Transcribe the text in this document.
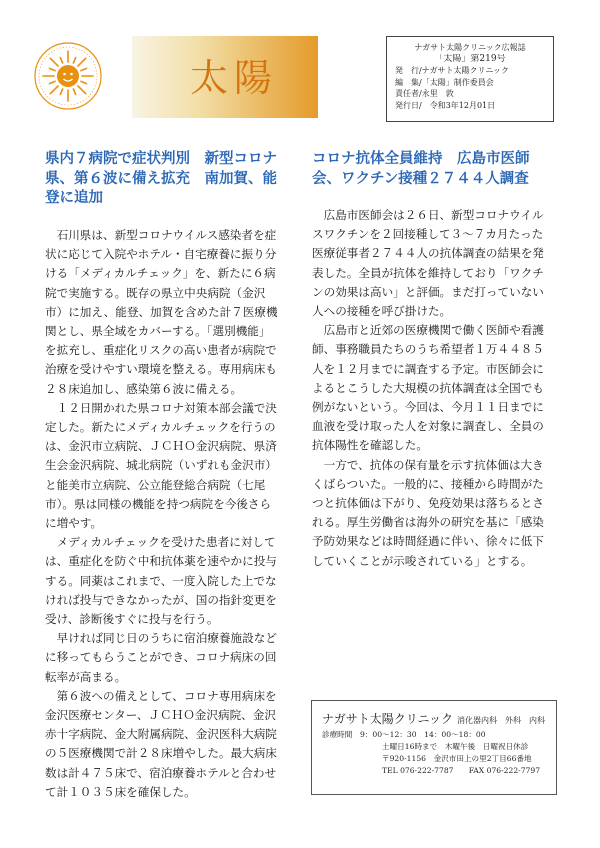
太陽
ナガサト太陽クリニック広報誌
「太陽」第219号
発　行/ナガサト太陽クリニック
編　集/「太陽」制作委員会
責任者/永里　敦
発行日/　令和3年12月01日
県内７病院で症状判別　新型コロナ
県、第６波に備え拡充　南加賀、能
登に追加

石川県は、新型コロナウイルス感染者を症状に応じて入院やホテル・自宅療養に振り分ける「メディカルチェック」を、新たに６病院で実施する。既存の県立中央病院（金沢市）に加え、能登、加賀を含めた計７医療機関とし、県全域をカバーする。「選別機能」を拡充し、重症化リスクの高い患者が病院で治療を受けやすい環境を整える。専用病床も２８床追加し、感染第６波に備える。

１２日開かれた県コロナ対策本部会議で決定した。新たにメディカルチェックを行うのは、金沢市立病院、ＪＣＨＯ金沢病院、県済生会金沢病院、城北病院（いずれも金沢市）と能美市立病院、公立能登総合病院（七尾市）。県は同様の機能を持つ病院を今後さらに増やす。

メディカルチェックを受けた患者に対しては、重症化を防ぐ中和抗体薬を速やかに投与する。同薬はこれまで、一度入院した上でなければ投与できなかったが、国の指針変更を受け、診断後すぐに投与を行う。

早ければ同じ日のうちに宿泊療養施設などに移ってもらうことができ、コロナ病床の回転率が高まる。

第６波への備えとして、コロナ専用病床を金沢医療センター、ＪＣＨＯ金沢病院、金沢赤十字病院、金大附属病院、金沢医科大病院の５医療機関で計２８床増やした。最大病床数は計４７５床で、宿泊療養ホテルと合わせて計１０３５床を確保した。

コロナ抗体全員維持　広島市医師
会、ワクチン接種２７４４人調査

広島市医師会は２６日、新型コロナウイルスワクチンを２回接種して３～７カ月たった医療従事者２７４４人の抗体調査の結果を発表した。全員が抗体を維持しており「ワクチンの効果は高い」と評価。まだ打っていない人への接種を呼び掛けた。

広島市と近郊の医療機関で働く医師や看護師、事務職員たちのうち希望者１万４４８５人を１２月までに調査する予定。市医師会によるとこうした大規模の抗体調査は全国でも例がないという。今回は、今月１１日までに血液を受け取った人を対象に調査し、全員の抗体陽性を確認した。

一方で、抗体の保有量を示す抗体価は大きくばらついた。一般的に、接種から時間がたつと抗体価は下がり、免疫効果は落ちるとされる。厚生労働省は海外の研究を基に「感染予防効果などは時間経過に伴い、徐々に低下していくことが示唆されている」とする。

ナガサト太陽クリニック 消化器内科　外科　内科
診療時間　 9：00～12：30　14：00～18：00
土曜日16時まで　木曜午後　日曜祝日休診
〒920-1156　金沢市田上の里2丁目66番地
TEL 076-222-7787　　FAX 076-222-7797
